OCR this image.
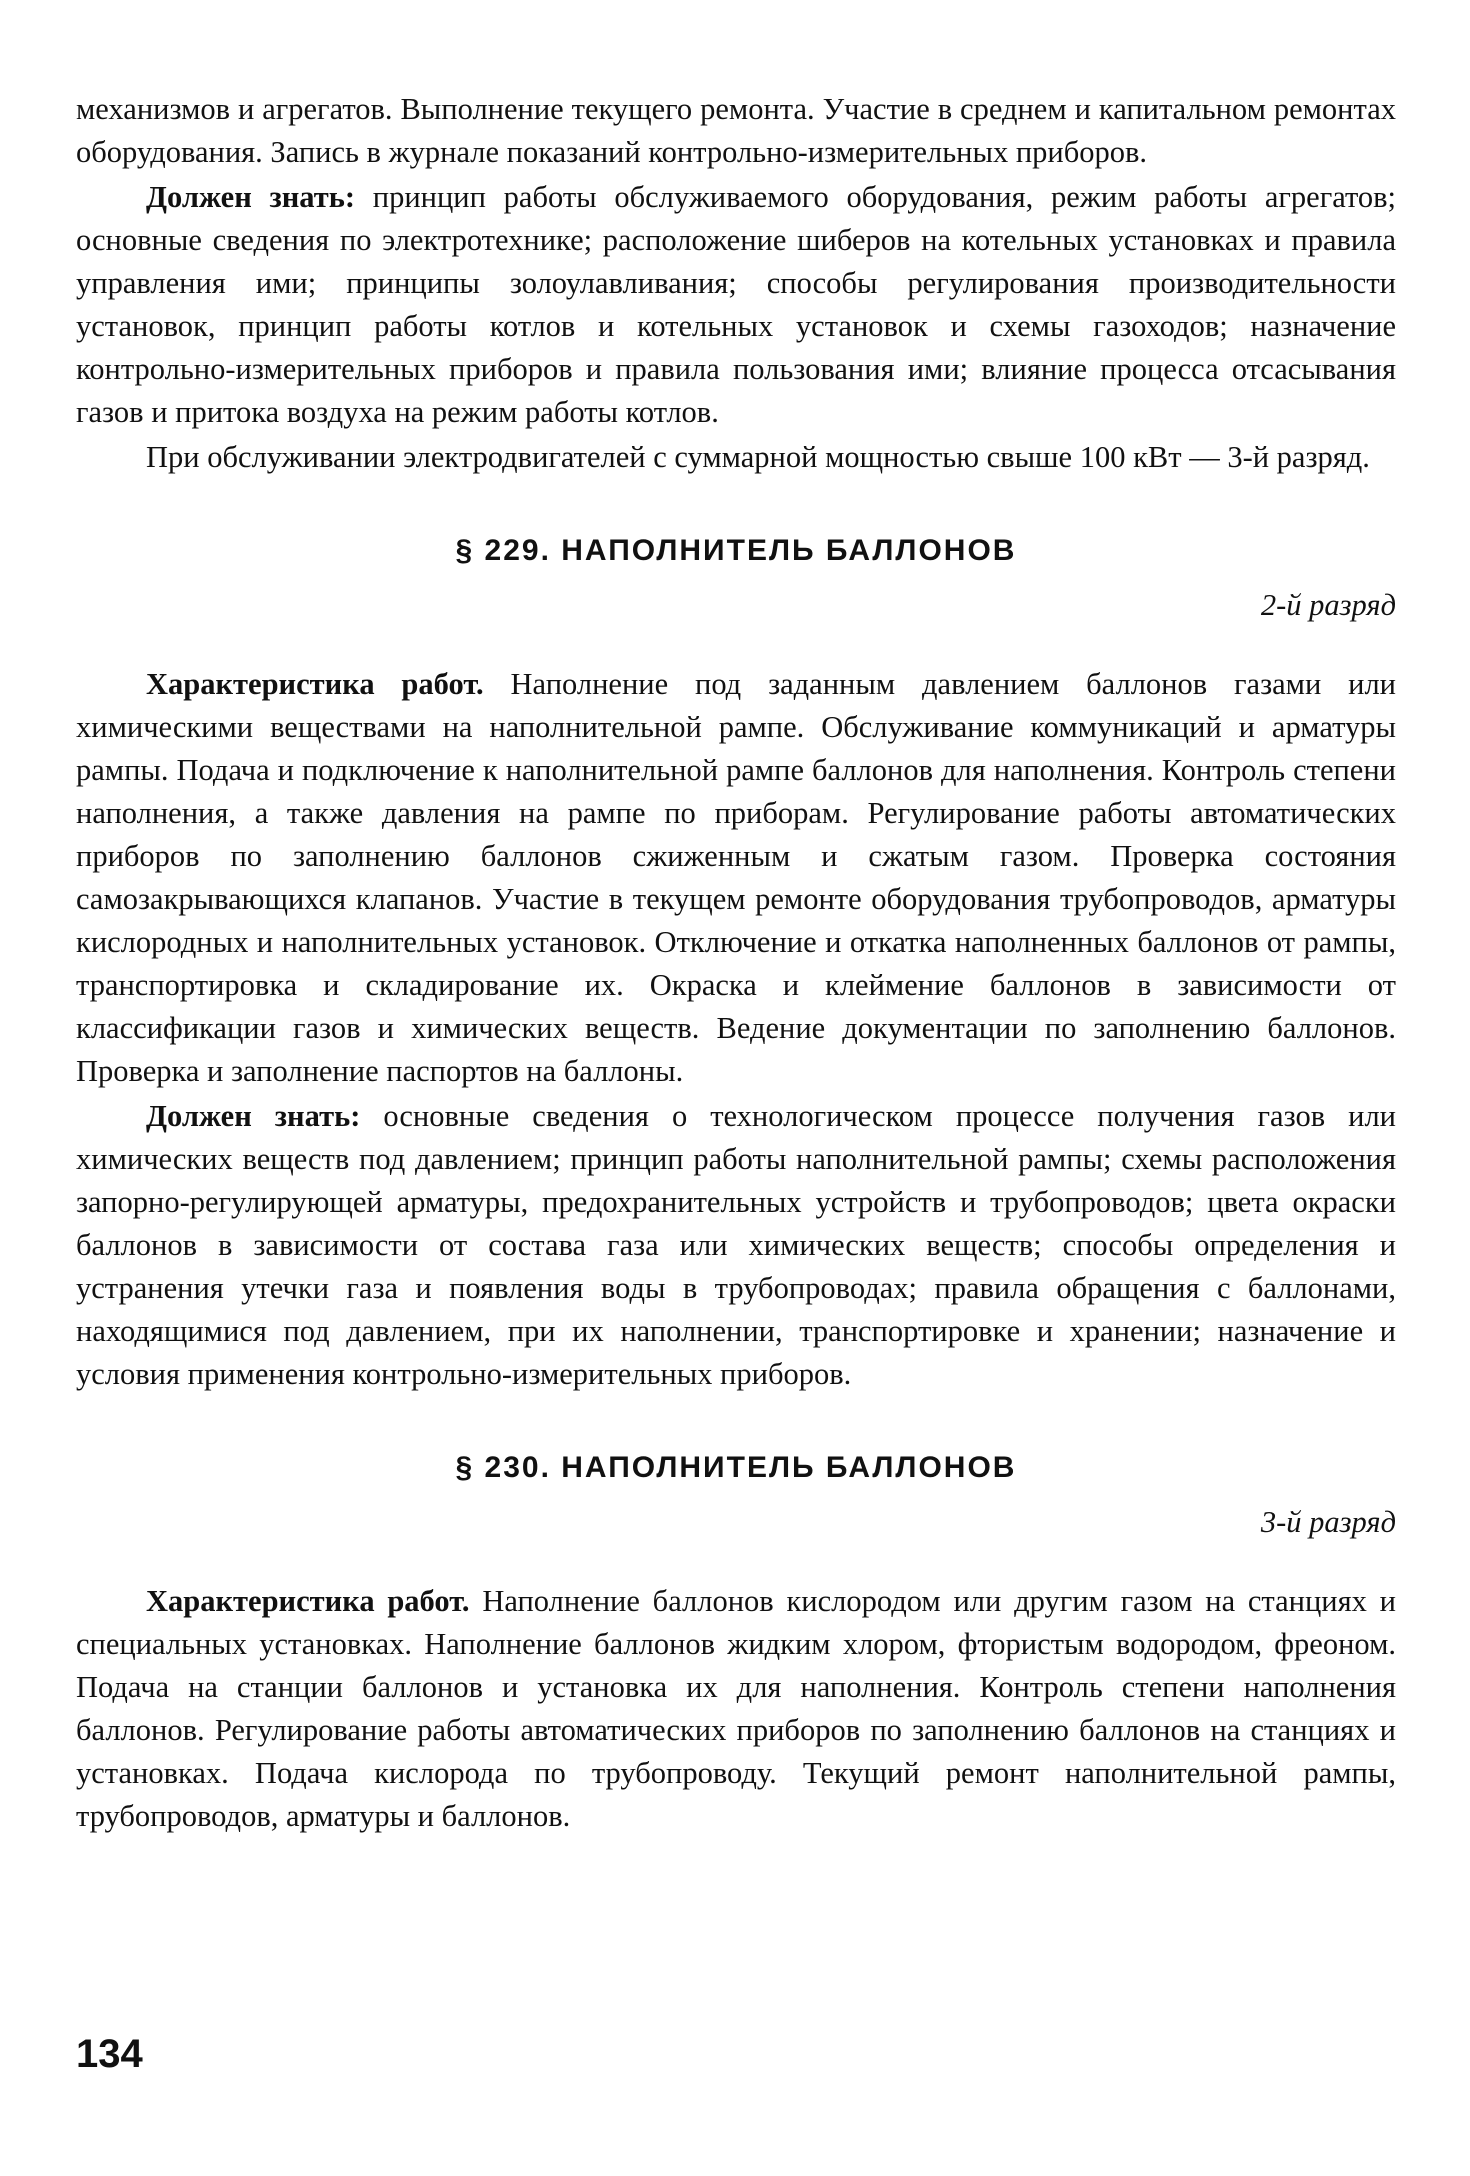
механизмов и агрегатов. Выполнение текущего ремонта. Участие в среднем и капитальном ремонтах оборудования. Запись в журнале показаний контрольно-измерительных приборов.

Должен знать: принцип работы обслуживаемого оборудования, режим работы агрегатов; основные сведения по электротехнике; расположение шиберов на котельных установках и правила управления ими; принципы золоулавливания; способы регулирования производительности установок, принцип работы котлов и котельных установок и схемы газоходов; назначение контрольно-измерительных приборов и правила пользования ими; влияние процесса отсасывания газов и притока воздуха на режим работы котлов.

При обслуживании электродвигателей с суммарной мощностью свыше 100 кВт — 3-й разряд.

§ 229. НАПОЛНИТЕЛЬ БАЛЛОНОВ
2-й разряд

Характеристика работ. Наполнение под заданным давлением баллонов газами или химическими веществами на наполнительной рампе. Обслуживание коммуникаций и арматуры рампы. Подача и подключение к наполнительной рампе баллонов для наполнения. Контроль степени наполнения, а также давления на рампе по приборам. Регулирование работы автоматических приборов по заполнению баллонов сжиженным и сжатым газом. Проверка состояния самозакрывающихся клапанов. Участие в текущем ремонте оборудования трубопроводов, арматуры кислородных и наполнительных установок. Отключение и откатка наполненных баллонов от рампы, транспортировка и складирование их. Окраска и клеймение баллонов в зависимости от классификации газов и химических веществ. Ведение документации по заполнению баллонов. Проверка и заполнение паспортов на баллоны.

Должен знать: основные сведения о технологическом процессе получения газов или химических веществ под давлением; принцип работы наполнительной рампы; схемы расположения запорно-регулирующей арматуры, предохранительных устройств и трубопроводов; цвета окраски баллонов в зависимости от состава газа или химических веществ; способы определения и устранения утечки газа и появления воды в трубопроводах; правила обращения с баллонами, находящимися под давлением, при их наполнении, транспортировке и хранении; назначение и условия применения контрольно-измерительных приборов.

§ 230. НАПОЛНИТЕЛЬ БАЛЛОНОВ
3-й разряд

Характеристика работ. Наполнение баллонов кислородом или другим газом на станциях и специальных установках. Наполнение баллонов жидким хлором, фтористым водородом, фреоном. Подача на станции баллонов и установка их для наполнения. Контроль степени наполнения баллонов. Регулирование работы автоматических приборов по заполнению баллонов на станциях и установках. Подача кислорода по трубопроводу. Текущий ремонт наполнительной рампы, трубопроводов, арматуры и баллонов.

134
